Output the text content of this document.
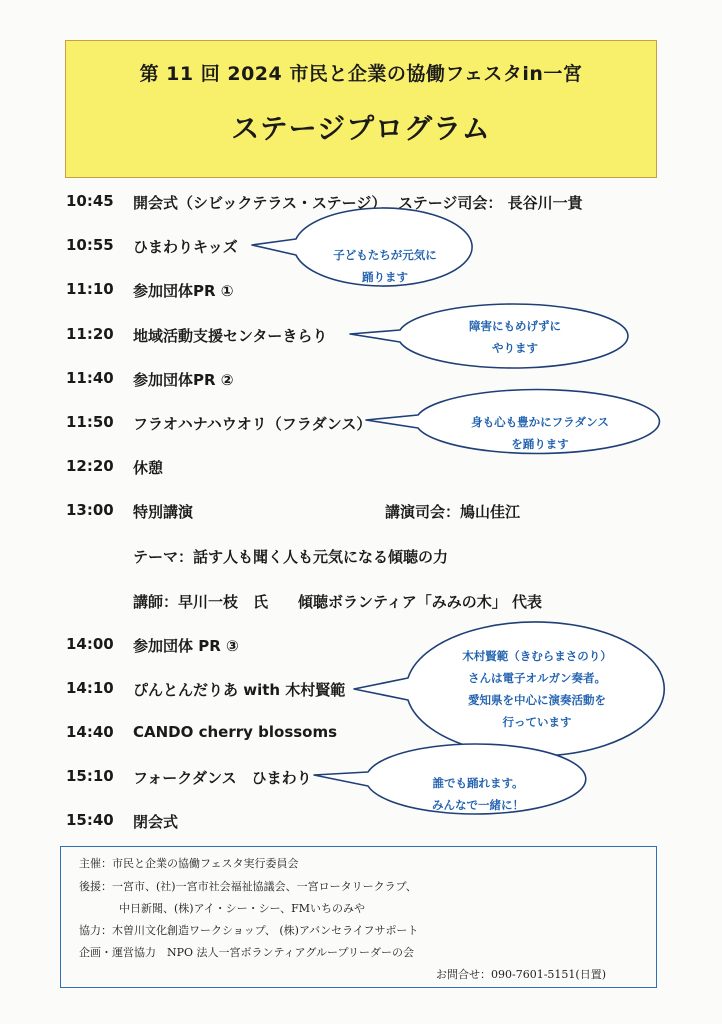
第 11 回 2024 市民と企業の協働フェスタin一宮
ステージプログラム
10:45	開会式（シビックテラス・ステージ） ステージ司会： 長谷川一貴
10:55	ひまわりキッズ
11:10	参加団体PR ①
11:20	地域活動支援センターきらり
11:40	参加団体PR ②
11:50	フラオハナハウオリ（フラダンス）
12:20	休憩
13:00	特別講演	講演司会：鳩山佳江
テーマ：話す人も聞く人も元気になる傾聴の力
講師：早川一枝　氏　　傾聴ボランティア「みみの木」 代表
14:00	参加団体 PR ③
14:10	ぴんとんだりあ with 木村賢範
14:40	CANDO cherry blossoms
15:10	フォークダンス　ひまわり
15:40	閉会式
子どもたちが元気に
踊ります
障害にもめげずに
やります
身も心も豊かにフラダンス
を踊ります
木村賢範（きむらまさのり）
さんは電子オルガン奏者。
愛知県を中心に演奏活動を
行っています
誰でも踊れます。
みんなで一緒に！
主催：市民と企業の協働フェスタ実行委員会
後援：一宮市、(社)一宮市社会福祉協議会、一宮ロータリークラブ、
中日新聞、(株)アイ・シー・シー、FMいちのみや
協力：木曽川文化創造ワークショップ、 (株)アバンセライフサポート
企画・運営協力　NPO 法人一宮ボランティアグループリーダーの会
お問合せ：090-7601-5151(日置)
